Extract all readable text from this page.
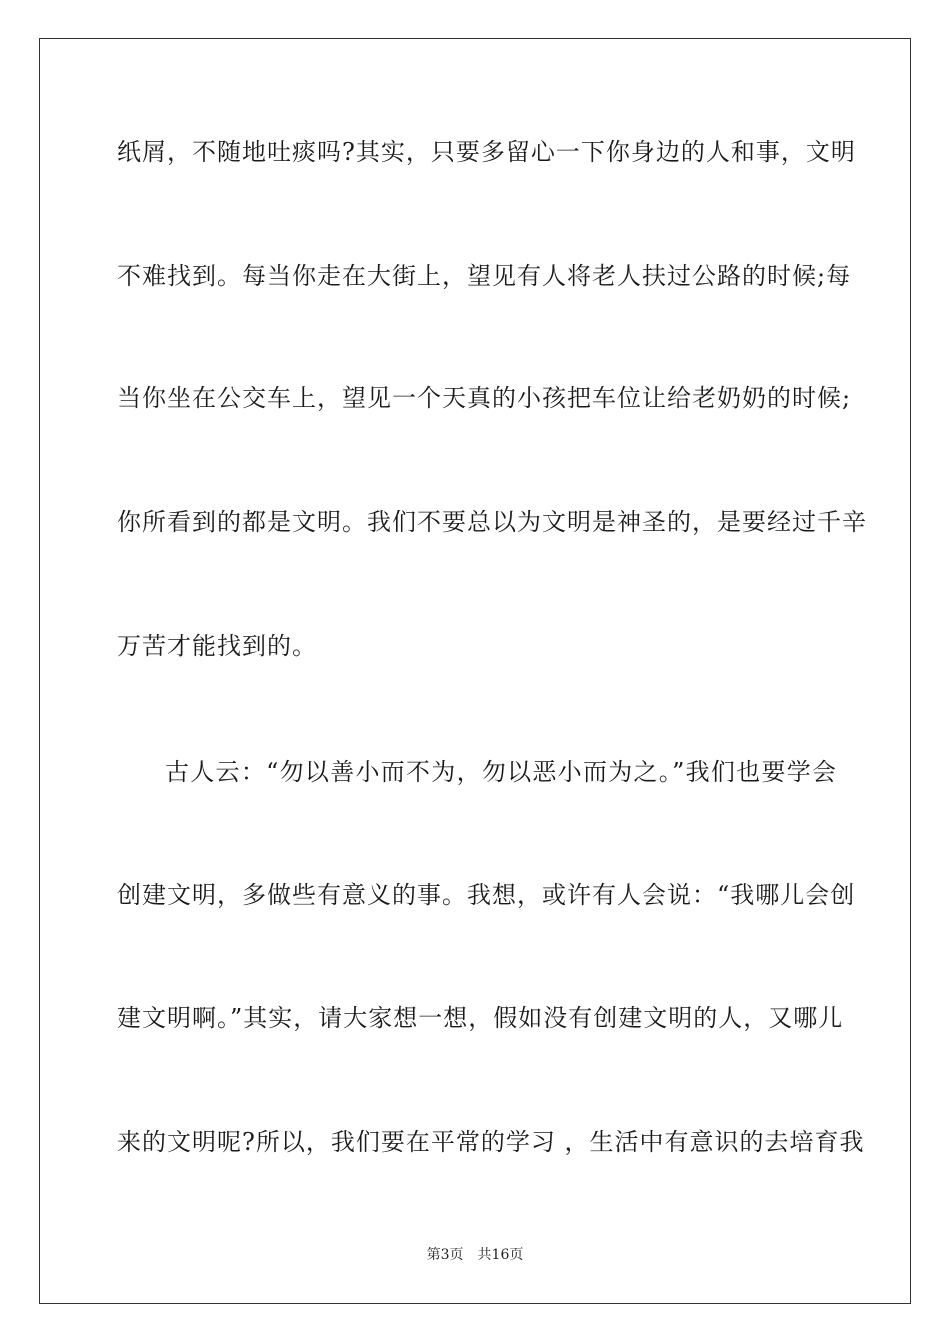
纸屑，不随地吐痰吗?其实，只要多留心一下你身边的人和事，文明
不难找到。每当你走在大街上，望见有人将老人扶过公路的时候;每
当你坐在公交车上，望见一个天真的小孩把车位让给老奶奶的时候;
你所看到的都是文明。我们不要总以为文明是神圣的，是要经过千辛
万苦才能找到的。
古人云：“勿以善小而不为，勿以恶小而为之。”我们也要学会
创建文明，多做些有意义的事。我想，或许有人会说：“我哪儿会创
建文明啊。”其实，请大家想一想，假如没有创建文明的人，又哪儿
来的文明呢?所以，我们要在平常的学习 ，生活中有意识的去培育我
第3页 共16页
